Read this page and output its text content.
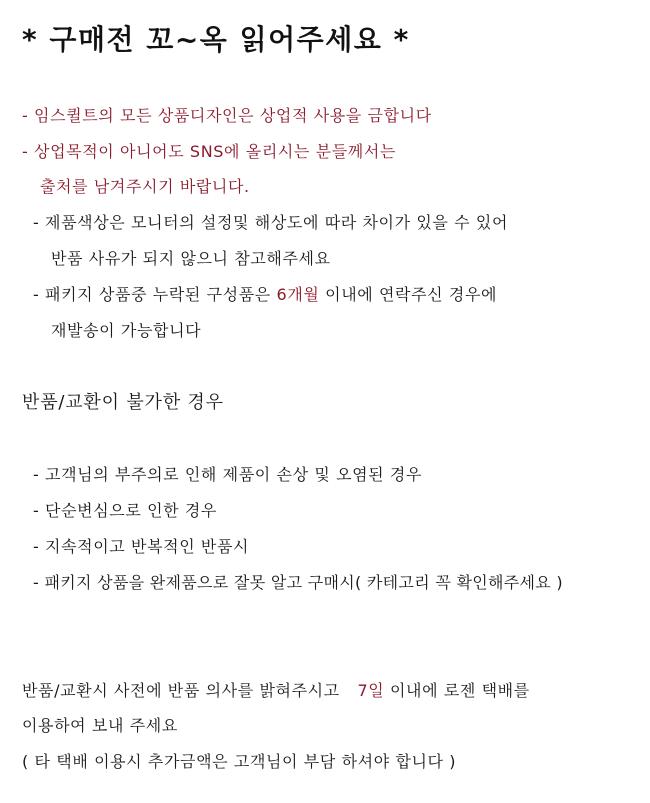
* 구매전 꼬~옥 읽어주세요 *
- 임스퀼트의 모든 상품디자인은 상업적 사용을 금합니다
- 상업목적이 아니어도 SNS에 올리시는 분들께서는
출처를 남겨주시기 바랍니다.
- 제품색상은 모니터의 설정및 해상도에 따라 차이가 있을 수 있어
반품 사유가 되지 않으니 참고해주세요
- 패키지 상품중 누락된 구성품은 6개월 이내에 연락주신 경우에
재발송이 가능합니다
반품/교환이 불가한 경우
- 고객님의 부주의로 인해 제품이 손상 및 오염된 경우
- 단순변심으로 인한 경우
- 지속적이고 반복적인 반품시
- 패키지 상품을 완제품으로 잘못 알고 구매시( 카테고리 꼭 확인해주세요 )
반품/교환시 사전에 반품 의사를 밝혀주시고 7일 이내에 로젠 택배를
이용하여 보내 주세요
( 타 택배 이용시 추가금액은 고객님이 부담 하셔야 합니다 )
